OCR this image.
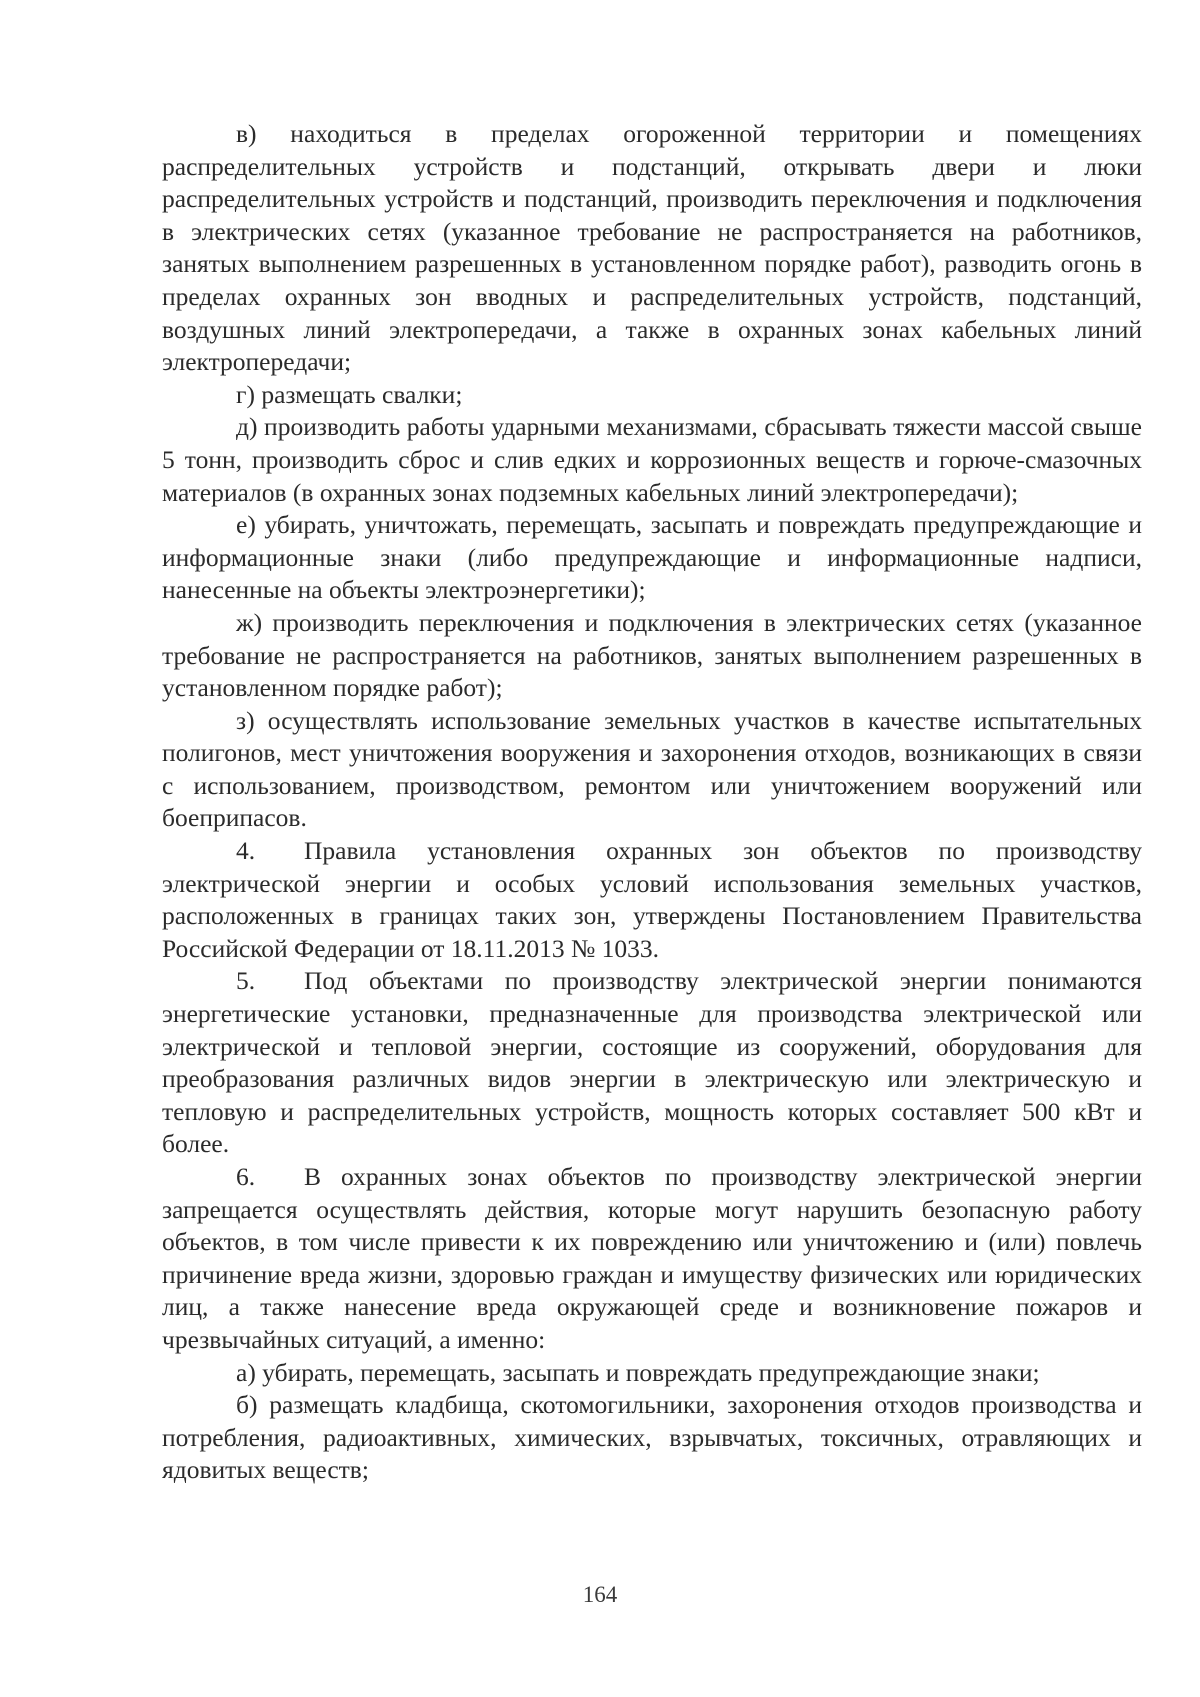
в) находиться в пределах огороженной территории и помещениях распределительных устройств и подстанций, открывать двери и люки распределительных устройств и подстанций, производить переключения и подключения в электрических сетях (указанное требование не распространяется на работников, занятых выполнением разрешенных в установленном порядке работ), разводить огонь в пределах охранных зон вводных и распределительных устройств, подстанций, воздушных линий электропередачи, а также в охранных зонах кабельных линий электропередачи;

г) размещать свалки;

д) производить работы ударными механизмами, сбрасывать тяжести массой свыше 5 тонн, производить сброс и слив едких и коррозионных веществ и горюче-смазочных материалов (в охранных зонах подземных кабельных линий электропередачи);

е) убирать, уничтожать, перемещать, засыпать и повреждать предупреждающие и информационные знаки (либо предупреждающие и информационные надписи, нанесенные на объекты электроэнергетики);

ж) производить переключения и подключения в электрических сетях (указанное требование не распространяется на работников, занятых выполнением разрешенных в установленном порядке работ);

з) осуществлять использование земельных участков в качестве испытательных полигонов, мест уничтожения вооружения и захоронения отходов, возникающих в связи с использованием, производством, ремонтом или уничтожением вооружений или боеприпасов.

4. Правила установления охранных зон объектов по производству электрической энергии и особых условий использования земельных участков, расположенных в границах таких зон, утверждены Постановлением Правительства Российской Федерации от 18.11.2013 № 1033.

5. Под объектами по производству электрической энергии понимаются энергетические установки, предназначенные для производства электрической или электрической и тепловой энергии, состоящие из сооружений, оборудования для преобразования различных видов энергии в электрическую или электрическую и тепловую и распределительных устройств, мощность которых составляет 500 кВт и более.

6. В охранных зонах объектов по производству электрической энергии запрещается осуществлять действия, которые могут нарушить безопасную работу объектов, в том числе привести к их повреждению или уничтожению и (или) повлечь причинение вреда жизни, здоровью граждан и имуществу физических или юридических лиц, а также нанесение вреда окружающей среде и возникновение пожаров и чрезвычайных ситуаций, а именно:

а) убирать, перемещать, засыпать и повреждать предупреждающие знаки;

б) размещать кладбища, скотомогильники, захоронения отходов производства и потребления, радиоактивных, химических, взрывчатых, токсичных, отравляющих и ядовитых веществ;

164
